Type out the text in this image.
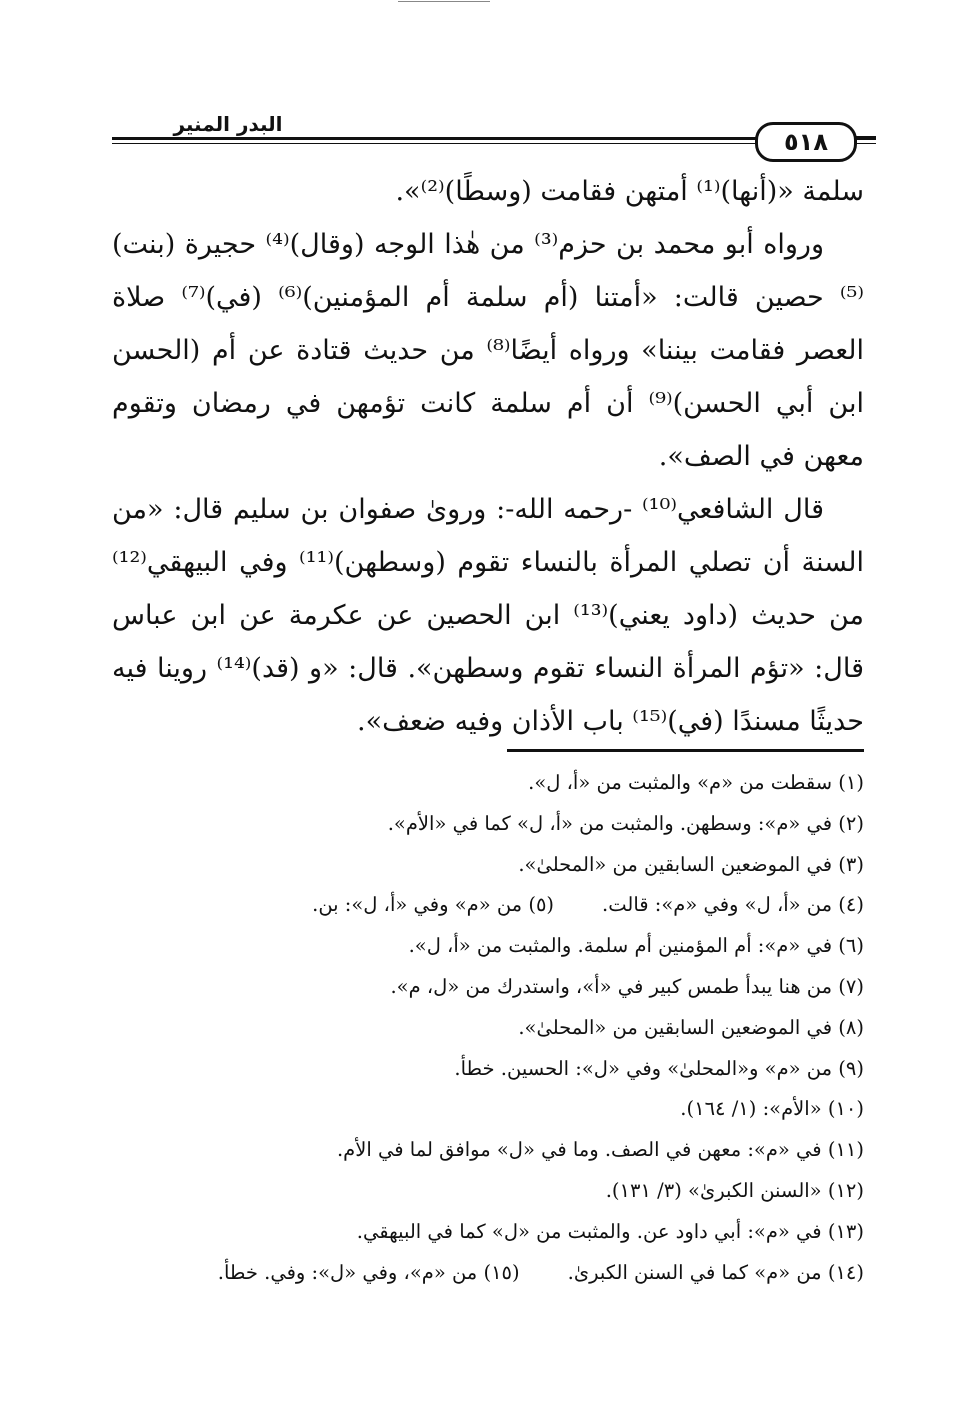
٥١٨
البدر المنير

سلمة «(أنها)⁽¹⁾ أمتهن فقامت (وسطًا)⁽²⁾».

ورواه أبو محمد بن حزم⁽³⁾ من هٰذا الوجه (وقال)⁽⁴⁾ حجيرة (بنت)⁽⁵⁾ حصين قالت: «أمتنا (أم سلمة أم المؤمنين)⁽⁶⁾ (في)⁽⁷⁾ صلاة العصر فقامت بيننا» ورواه أيضًا⁽⁸⁾ من حديث قتادة عن أم (الحسن ابن أبي الحسن)⁽⁹⁾ أن أم سلمة كانت تؤمهن في رمضان وتقوم معهن في الصف».

قال الشافعي⁽¹⁰⁾ -رحمه الله-: وروىٰ صفوان بن سليم قال: «من السنة أن تصلي المرأة بالنساء تقوم (وسطهن)⁽¹¹⁾ وفي البيهقي⁽¹²⁾ من حديث (داود يعني)⁽¹³⁾ ابن الحصين عن عكرمة عن ابن عباس قال: «تؤم المرأة النساء تقوم وسطهن». قال: «و (قد)⁽¹⁴⁾ روينا فيه حديثًا مسندًا (في)⁽¹⁵⁾ باب الأذان وفيه ضعف».

(١) سقطت من «م» والمثبت من «أ، ل».
(٢) في «م»: وسطهن. والمثبت من «أ، ل» كما في «الأم».
(٣) في الموضعين السابقين من «المحلىٰ».
(٤) من «أ، ل» وفي «م»: قالت.(٥) من «م» وفي «أ، ل»: بن.
(٦) في «م»: أم المؤمنين أم سلمة. والمثبت من «أ، ل».
(٧) من هنا يبدأ طمس كبير في «أ»، واستدرك من «ل، م».
(٨) في الموضعين السابقين من «المحلىٰ».
(٩) من «م» و«المحلىٰ» وفي «ل»: الحسين. خطأ.
(١٠) «الأم»: (١/ ١٦٤).
(١١) في «م»: معهن في الصف. وما في «ل» موافق لما في الأم.
(١٢) «السنن الكبرىٰ» (٣/ ١٣١).
(١٣) في «م»: أبي داود عن. والمثبت من «ل» كما في البيهقي.
(١٤) من «م» كما في السنن الكبرىٰ.(١٥) من «م»، وفي «ل»: وفي. خطأ.
